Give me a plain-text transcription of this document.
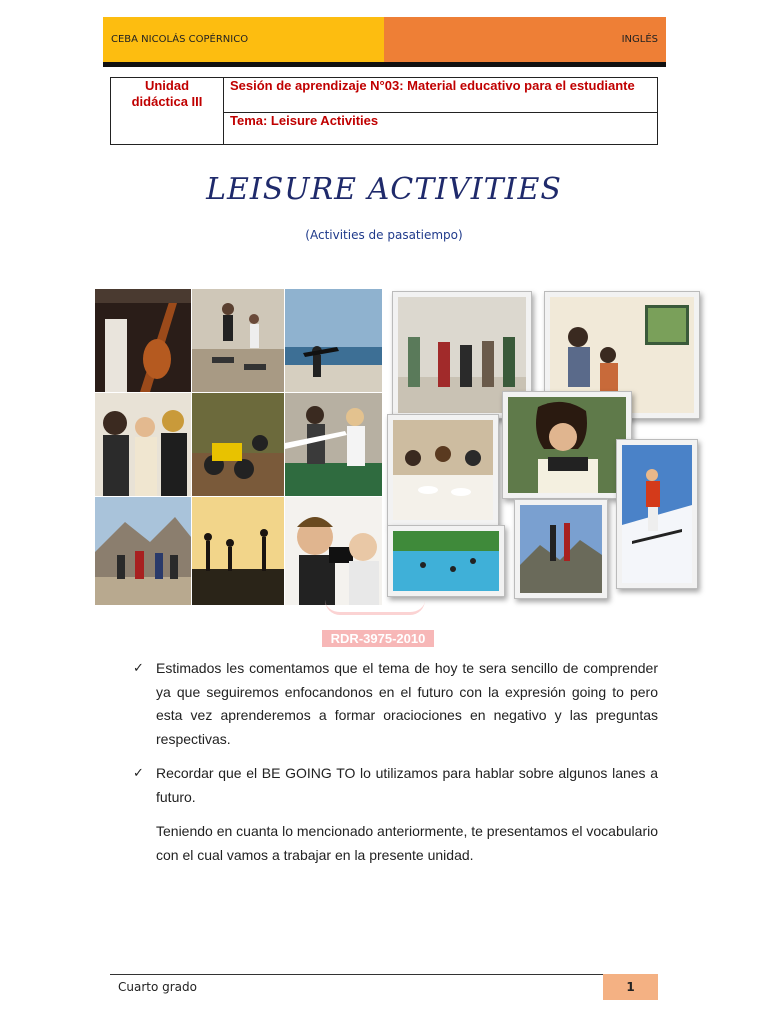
CEBA NICOLÁS COPÉRNICO	INGLÉS
Unidad
didáctica III
Sesión de aprendizaje N°03: Material educativo para el estudiante
Tema: Leisure Activities
LEISURE ACTIVITIES
(Activities de pasatiempo)
RDR-3975-2010
✓ Estimados les comentamos que el tema de hoy te sera sencillo de comprender ya que seguiremos enfocandonos en el futuro con la expresión going to pero esta vez aprenderemos a formar oraciociones en negativo y las preguntas respectivas.
✓ Recordar que el BE GOING TO lo utilizamos para hablar sobre algunos lanes a futuro.
Teniendo en cuanta lo mencionado anteriormente, te presentamos el vocabulario con el cual vamos a trabajar en la presente unidad.
Cuarto grado	1
